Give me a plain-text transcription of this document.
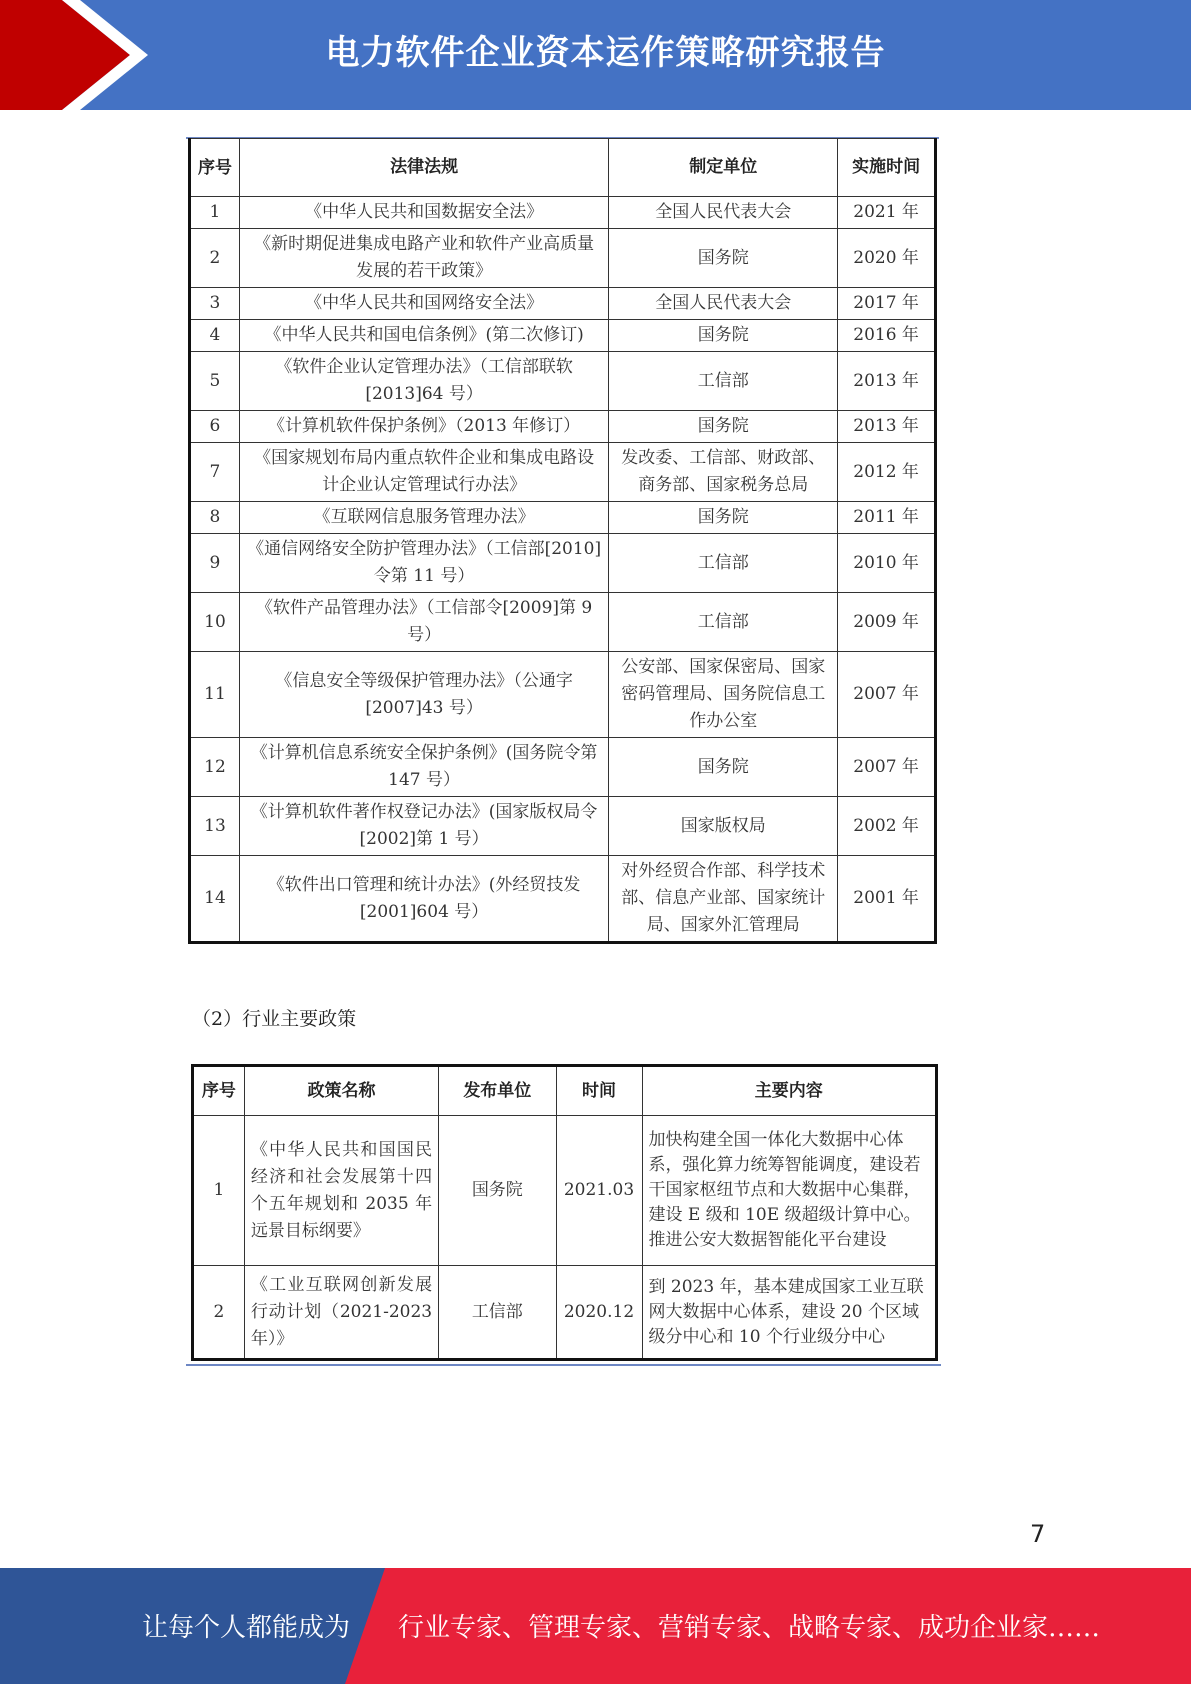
电力软件企业资本运作策略研究报告
序号	法律法规	制定单位	实施时间
1	《中华人民共和国数据安全法》	全国人民代表大会	2021 年
2	《新时期促进集成电路产业和软件产业高质量发展的若干政策》	国务院	2020 年
3	《中华人民共和国网络安全法》	全国人民代表大会	2017 年
4	《中华人民共和国电信条例》(第二次修订)	国务院	2016 年
5	《软件企业认定管理办法》（工信部联软[2013]64 号）	工信部	2013 年
6	《计算机软件保护条例》（2013 年修订）	国务院	2013 年
7	《国家规划布局内重点软件企业和集成电路设计企业认定管理试行办法》	发改委、工信部、财政部、商务部、国家税务总局	2012 年
8	《互联网信息服务管理办法》	国务院	2011 年
9	《通信网络安全防护管理办法》（工信部[2010]令第 11 号）	工信部	2010 年
10	《软件产品管理办法》（工信部令[2009]第 9 号）	工信部	2009 年
11	《信息安全等级保护管理办法》（公通字[2007]43 号）	公安部、国家保密局、国家密码管理局、国务院信息工作办公室	2007 年
12	《计算机信息系统安全保护条例》(国务院令第 147 号）	国务院	2007 年
13	《计算机软件著作权登记办法》(国家版权局令[2002]第 1 号）	国家版权局	2002 年
14	《软件出口管理和统计办法》(外经贸技发[2001]604 号）	对外经贸合作部、科学技术部、信息产业部、国家统计局、国家外汇管理局	2001 年
（2）行业主要政策
序号	政策名称	发布单位	时间	主要内容
1	《中华人民共和国国民经济和社会发展第十四个五年规划和 2035 年远景目标纲要》	国务院	2021.03	加快构建全国一体化大数据中心体系，强化算力统筹智能调度，建设若干国家枢纽节点和大数据中心集群，建设 E 级和 10E 级超级计算中心。推进公安大数据智能化平台建设
2	《工业互联网创新发展行动计划（2021-2023 年）》	工信部	2020.12	到 2023 年，基本建成国家工业互联网大数据中心体系，建设 20 个区域级分中心和 10 个行业级分中心
7
让每个人都能成为 行业专家、管理专家、营销专家、战略专家、成功企业家……
